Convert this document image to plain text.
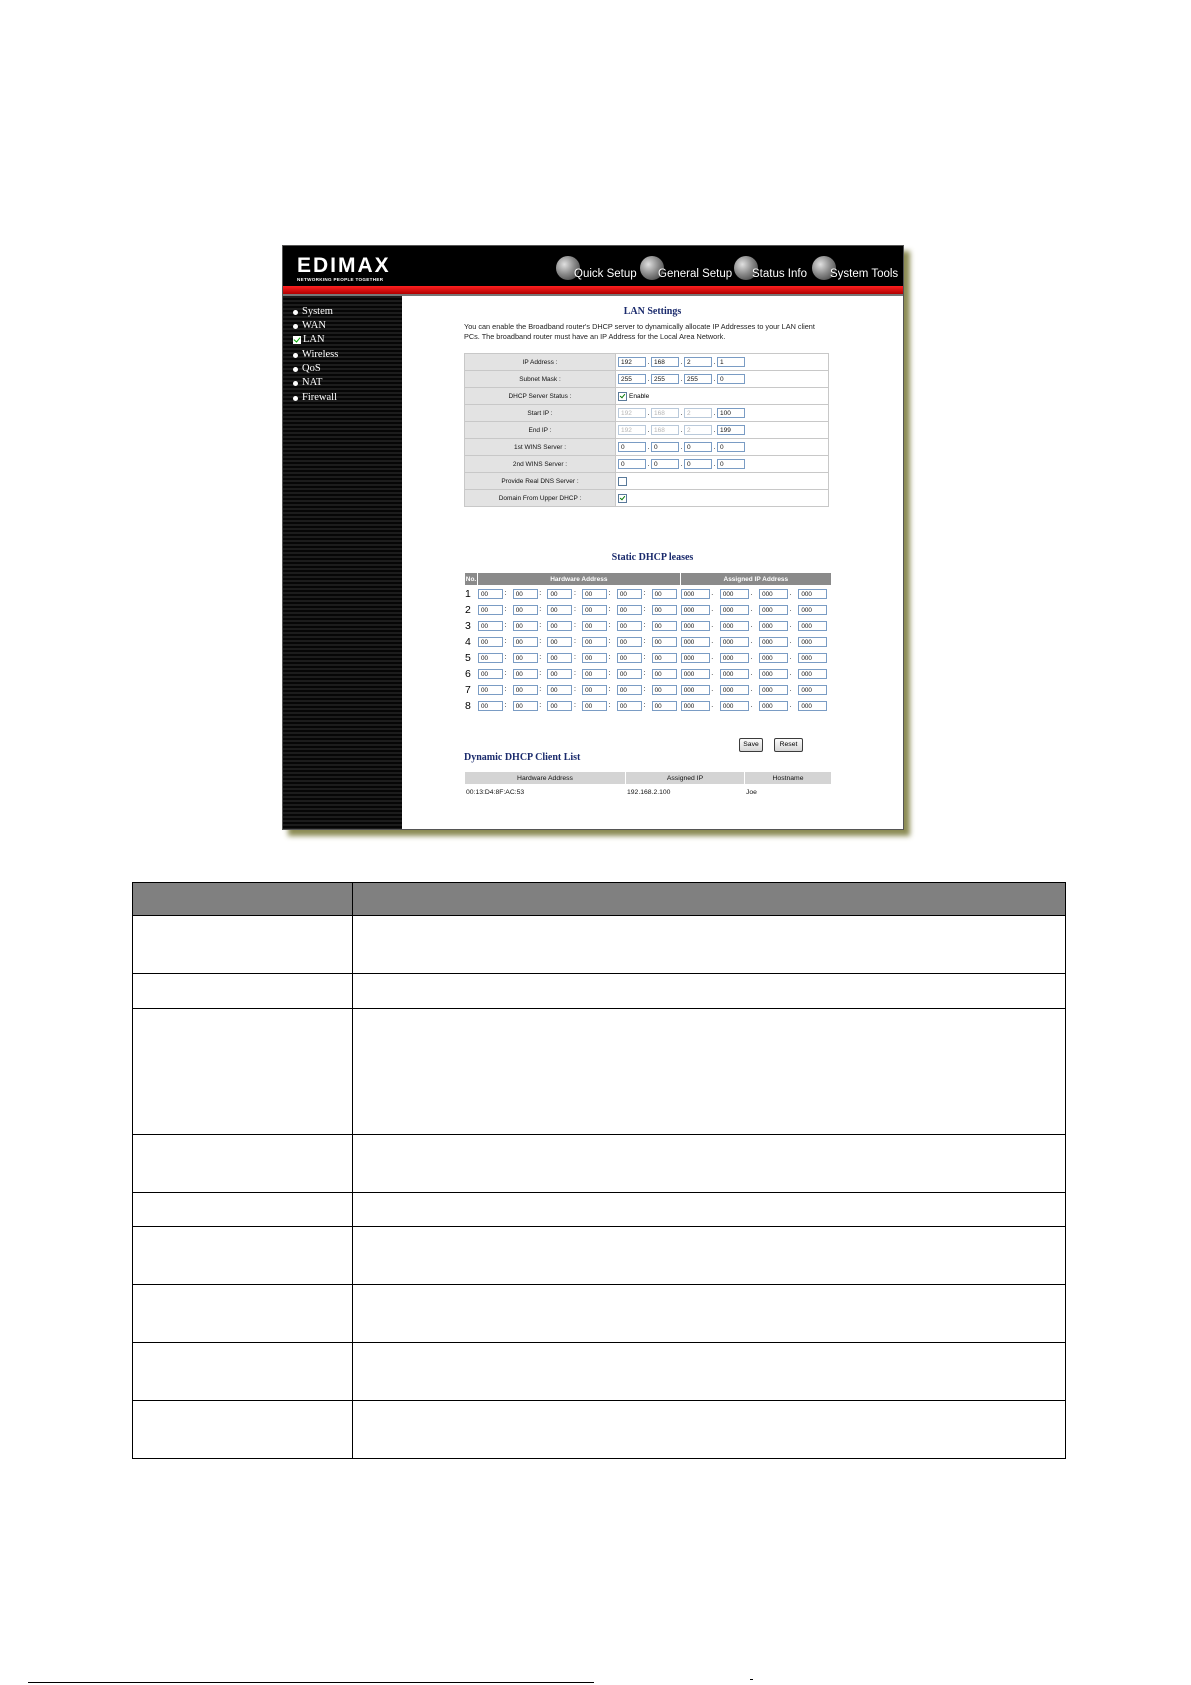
EDIMAX
NETWORKING PEOPLE TOGETHER	Quick Setup General Setup Status Info System Tools
System
WAN
LAN
Wireless
QoS
NAT
Firewall
LAN Settings
You can enable the Broadband router's DHCP server to dynamically allocate IP Addresses to your LAN client PCs. The broadband router must have an IP Address for the Local Area Network.
IP Address :	192 . 168 . 2 . 1
Subnet Mask :	255 . 255 . 255 . 0
DHCP Server Status :	Enable
Start IP :	192 . 168 . 2 . 100
End IP :	192 . 168 . 2 . 199
1st WINS Server :	0 . 0 . 0 . 0
2nd WINS Server :	0 . 0 . 0 . 0
Provide Real DNS Server :	
Domain From Upper DHCP :	
Static DHCP leases
No.	Hardware Address						Assigned IP Address			
1	00 :	00 :	00 :	00 :	00 :	00	000 .	000 .	000 .	000
2	00 :	00 :	00 :	00 :	00 :	00	000 .	000 .	000 .	000
3	00 :	00 :	00 :	00 :	00 :	00	000 .	000 .	000 .	000
4	00 :	00 :	00 :	00 :	00 :	00	000 .	000 .	000 .	000
5	00 :	00 :	00 :	00 :	00 :	00	000 .	000 .	000 .	000
6	00 :	00 :	00 :	00 :	00 :	00	000 .	000 .	000 .	000
7	00 :	00 :	00 :	00 :	00 :	00	000 .	000 .	000 .	000
8	00 :	00 :	00 :	00 :	00 :	00	000 .	000 .	000 .	000
Save	Reset
Dynamic DHCP Client List
Hardware Address	Assigned IP	Hostname
00:13:D4:8F:AC:53	192.168.2.100	Joe
